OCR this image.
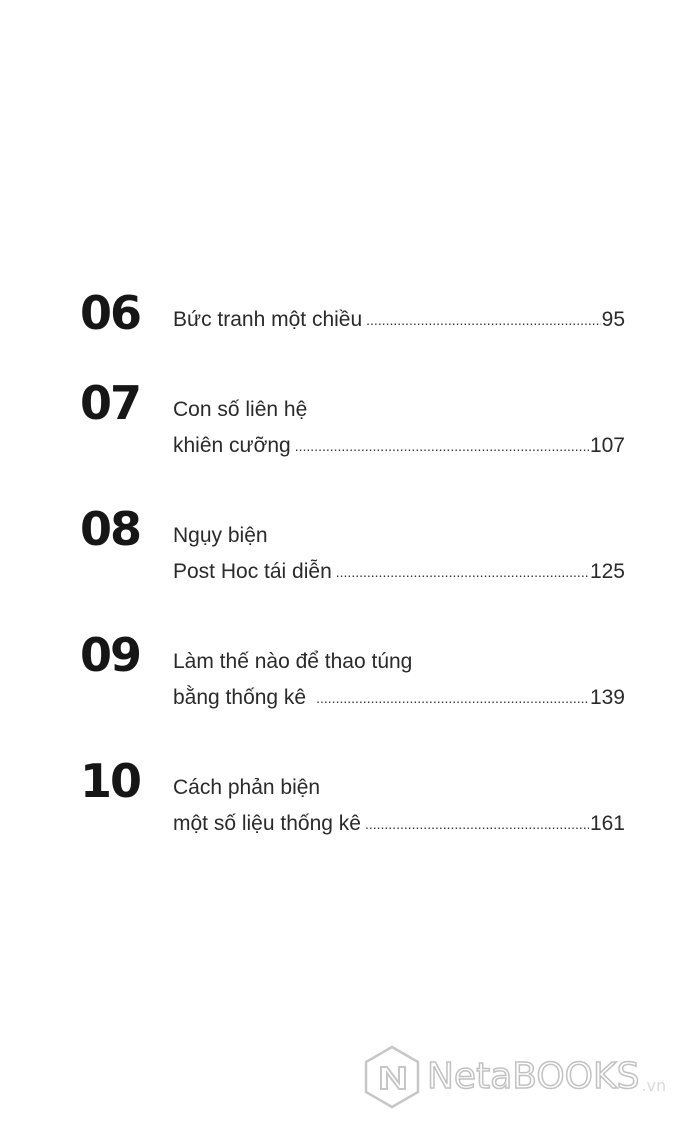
06 Bức tranh một chiều .....	95
07 Con số liên hệ
khiên cưỡng .....	107
08 Ngụy biện
Post Hoc tái diễn .....	125
09 Làm thế nào để thao túng
bằng thống kê .....	139
10 Cách phản biện
một số liệu thống kê .....	161
NetaBOOKS .vn
